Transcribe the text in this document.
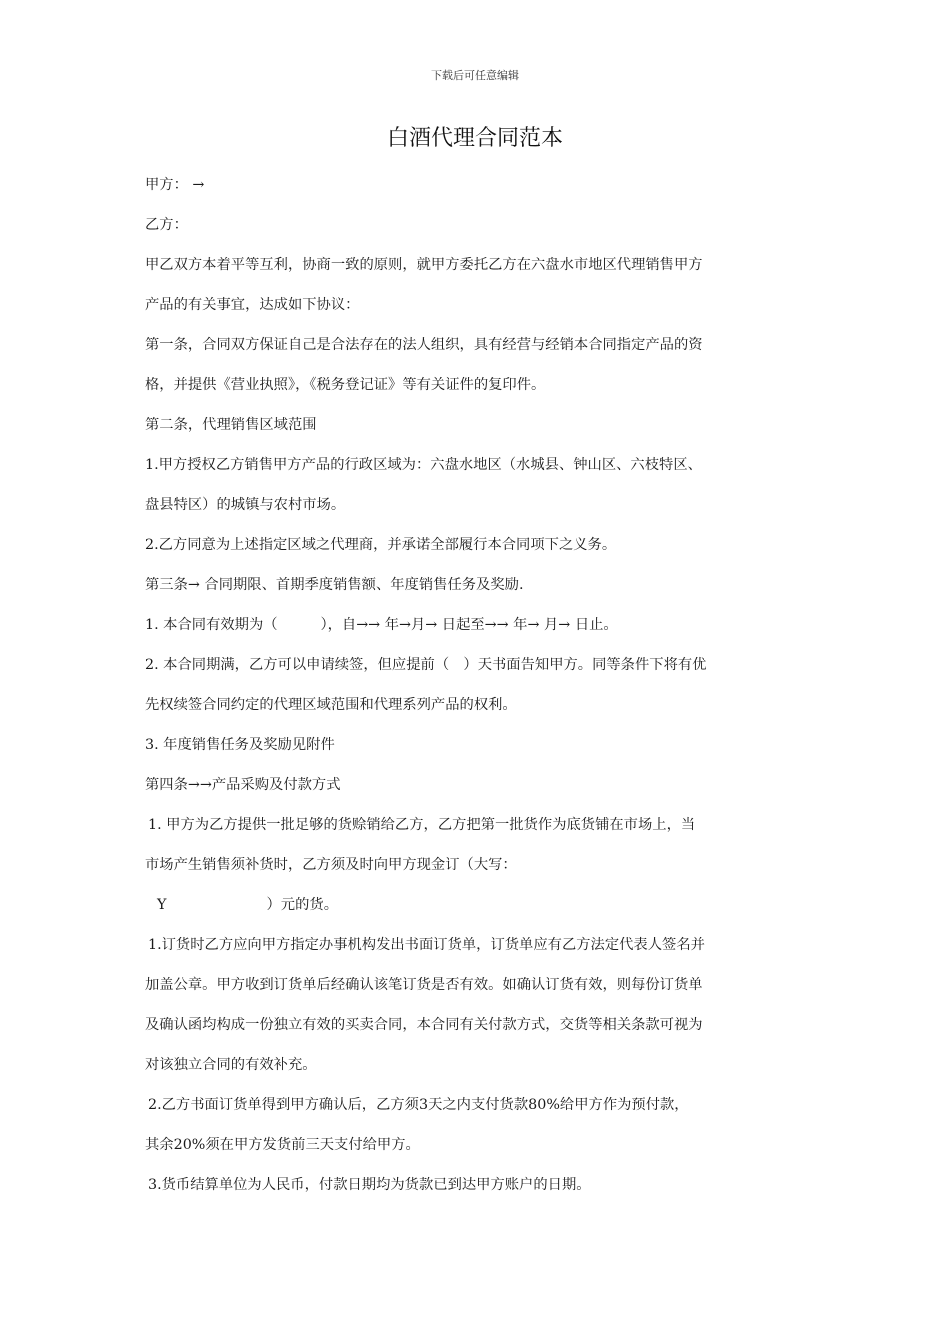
下载后可任意编辑
白酒代理合同范本
甲方： →
乙方：
甲乙双方本着平等互利，协商一致的原则，就甲方委托乙方在六盘水市地区代理销售甲方
产品的有关事宜，达成如下协议：
第一条，合同双方保证自己是合法存在的法人组织，具有经营与经销本合同指定产品的资
格，并提供《营业执照》，《税务登记证》等有关证件的复印件。
第二条，代理销售区域范围
1.甲方授权乙方销售甲方产品的行政区域为：六盘水地区（水城县、钟山区、六枝特区、
盘县特区）的城镇与农村市场。
2.乙方同意为上述指定区域之代理商，并承诺全部履行本合同项下之义务。
第三条→ 合同期限、首期季度销售额、年度销售任务及奖励.
1. 本合同有效期为（　　　），自→→ 年→月→ 日起至→→ 年→ 月→ 日止。
2. 本合同期满，乙方可以申请续签，但应提前（　）天书面告知甲方。同等条件下将有优
先权续签合同约定的代理区域范围和代理系列产品的权利。
3. 年度销售任务及奖励见附件
第四条→→产品采购及付款方式
1. 甲方为乙方提供一批足够的货赊销给乙方，乙方把第一批货作为底货铺在市场上，当
市场产生销售须补货时，乙方须及时向甲方现金订（大写：
Y　　　　　　　）元的货。
1.订货时乙方应向甲方指定办事机构发出书面订货单，订货单应有乙方法定代表人签名并
加盖公章。甲方收到订货单后经确认该笔订货是否有效。如确认订货有效，则每份订货单
及确认函均构成一份独立有效的买卖合同，本合同有关付款方式，交货等相关条款可视为
对该独立合同的有效补充。
2.乙方书面订货单得到甲方确认后，乙方须3天之内支付货款80%给甲方作为预付款，
其余20%须在甲方发货前三天支付给甲方。
3.货币结算单位为人民币，付款日期均为货款已到达甲方账户的日期。
